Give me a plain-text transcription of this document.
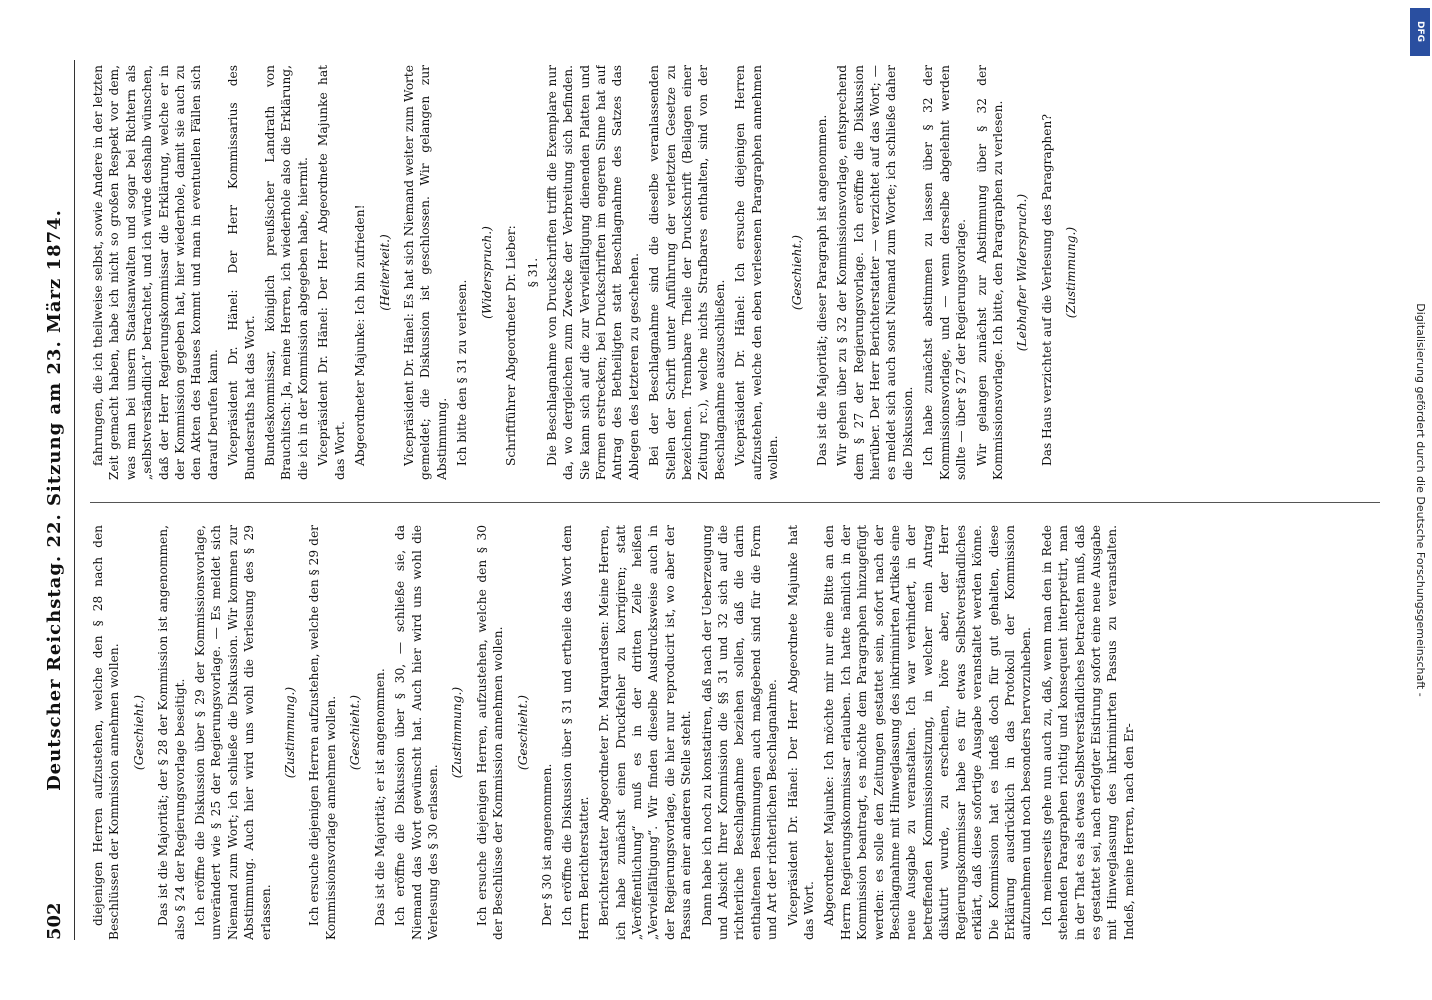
502
Deutscher Reichstag. 22. Sitzung am 23. März 1874. diejenigen Herren aufzustehen, welche den § 28 nach den Beschlüssen der Kommission annehmen wollen. (Geschieht.) Das ist die Majorität; der § 28 der Kommission ist angenommen, also § 24 der Regierungsvorlage beseitigt. Ich eröffne die Diskussion über § 29 der Kommissionsvorlage, unverändert wie § 25 der Regierungsvorlage. — Es meldet sich Niemand zum Wort; ich schließe die Diskussion. Wir kommen zur Abstimmung. Auch hier wird uns wohl die Verlesung des § 29 erlassen.

(Zustimmung.) Ich ersuche diejenigen Herren aufzustehen, welche den § 29 der Kommissionsvorlage annehmen wollen. (Geschieht.) Das ist die Majorität; er ist angenommen. Ich eröffne die Diskussion über § 30, — schließe sie, da Niemand das Wort gewünscht hat. Auch hier wird uns wohl die Verlesung des § 30 erlassen.

(Zustimmung.) Ich ersuche diejenigen Herren, aufzustehen, welche den § 30 der Beschlüsse der Kommission annehmen wollen. (Geschieht.)

Der § 30 ist angenommen. Ich eröffne die Diskussion über § 31 und ertheile das Wort dem Herrn Berichterstatter. Berichterstatter Abgeordneter Dr. Marquardsen: Meine Herren, ich habe zunächst einen Druckfehler zu korrigiren; statt „Veröffentlichung“ muß es in der dritten Zeile heißen „Vervielfältigung“. Wir finden dieselbe Ausdrucksweise auch in der Regierungsvorlage, die hier nur reproducirt ist, wo aber der Passus an einer anderen Stelle steht. Dann habe ich noch zu konstatiren, daß nach der Ueberzeugung und Absicht Ihrer Kommission die §§ 31 und 32 sich auf die richterliche Beschlagnahme beziehen sollen, daß die darin enthaltenen Bestimmungen auch maßgebend sind für die Form und Art der richterlichen Beschlagnahme. Vicepräsident Dr. Hänel: Der Herr Abgeordnete Majunke hat das Wort. Abgeordneter Majunke: Ich möchte mir nur eine Bitte an den Herrn Regierungskommissar erlauben. Ich hatte nämlich in der Kommission beantragt, es möchte dem Paragraphen hinzugefügt werden: es solle den Zeitungen gestattet sein, sofort nach der Beschlagnahme mit Hinweglassung des inkriminirten Artikels eine neue Ausgabe zu veranstalten. Ich war verhindert, in der betreffenden Kommissionssitzung, in welcher mein Antrag diskutirt wurde, zu erscheinen, höre aber, der Herr Regierungskommissar habe es für etwas Selbstverständliches erklärt, daß diese sofortige Ausgabe veranstaltet werden könne. Die Kommission hat es indeß doch für gut gehalten, diese Erklärung ausdrücklich in das Protokoll der Kommission aufzunehmen und noch besonders hervorzuheben. Ich meinerseits gehe nun auch zu, daß, wenn man den in Rede stehenden Paragraphen richtig und konsequent interpretirt, man in der That es als etwas Selbstverständliches betrachten muß, daß es gestattet sei, nach erfolgter Eistirung sofort eine neue Ausgabe mit Hinweglassung des inkriminirten Passus zu veranstalten. Indeß, meine Herren, nach den Er-

fahrungen, die ich theilweise selbst, sowie Andere in der letzten Zeit gemacht haben, habe ich nicht so großen Respekt vor dem, was man bei unsern Staatsanwalten und sogar bei Richtern als „selbstverständlich“ betrachtet, und ich würde deshalb wünschen, daß der Herr Regierungskommissar die Erklärung, welche er in der Kommission gegeben hat, hier wiederhole, damit sie auch zu den Akten des Hauses kommt und man in eventuellen Fällen sich darauf berufen kann. Vicepräsident Dr. Hänel: Der Herr Kommissarius des Bundesraths hat das Wort. Bundeskommissar, königlich preußischer Landrath von Brauchitsch: Ja, meine Herren, ich wiederhole also die Erklärung, die ich in der Kommission abgegeben habe, hiermit. Vicepräsident Dr. Hänel: Der Herr Abgeordnete Majunke hat das Wort. Abgeordneter Majunke: Ich bin zufrieden! (Heiterkeit.) Vicepräsident Dr. Hänel: Es hat sich Niemand weiter zum Worte gemeldet; die Diskussion ist geschlossen. Wir gelangen zur Abstimmung. Ich bitte den § 31 zu verlesen.

(Widerspruch.) Schriftführer Abgeordneter Dr. Lieber: § 31. Die Beschlagnahme von Druckschriften trifft die Exemplare nur da, wo dergleichen zum Zwecke der Verbreitung sich befinden. Sie kann sich auf die zur Vervielfältigung dienenden Platten und Formen erstrecken; bei Druckschriften im engeren Sinne hat auf Antrag des Betheiligten statt Beschlagnahme des Satzes das Ablegen des letzteren zu geschehen. Bei der Beschlagnahme sind die dieselbe veranlassenden Stellen der Schrift unter Anführung der verletzten Gesetze zu bezeichnen. Trennbare Theile der Druckschrift (Beilagen einer Zeitung rc.), welche nichts Strafbares enthalten, sind von der Beschlagnahme auszuschließen. Vicepräsident Dr. Hänel: Ich ersuche diejenigen Herren aufzustehen, welche den eben verlesenen Paragraphen annehmen wollen.

(Geschieht.) Das ist die Majorität; dieser Paragraph ist angenommen. Wir gehen über zu § 32 der Kommissionsvorlage, entsprechend dem § 27 der Regierungsvorlage. Ich eröffne die Diskussion hierüber. Der Herr Berichterstatter — verzichtet auf das Wort; — es meldet sich auch sonst Niemand zum Worte; ich schließe daher die Diskussion. Ich habe zunächst abstimmen zu lassen über § 32 der Kommissionsvorlage, und — wenn derselbe abgelehnt werden sollte — über § 27 der Regierungsvorlage. Wir gelangen zunächst zur Abstimmung über § 32 der Kommissionsvorlage. Ich bitte, den Paragraphen zu verlesen. (Lebhafter Widerspruch.) Das Haus verzichtet auf die Verlesung des Paragraphen? (Zustimmung.)

Digitalisierung gefördert durch die Deutsche Forschungsgemeinschaft -
DFG
